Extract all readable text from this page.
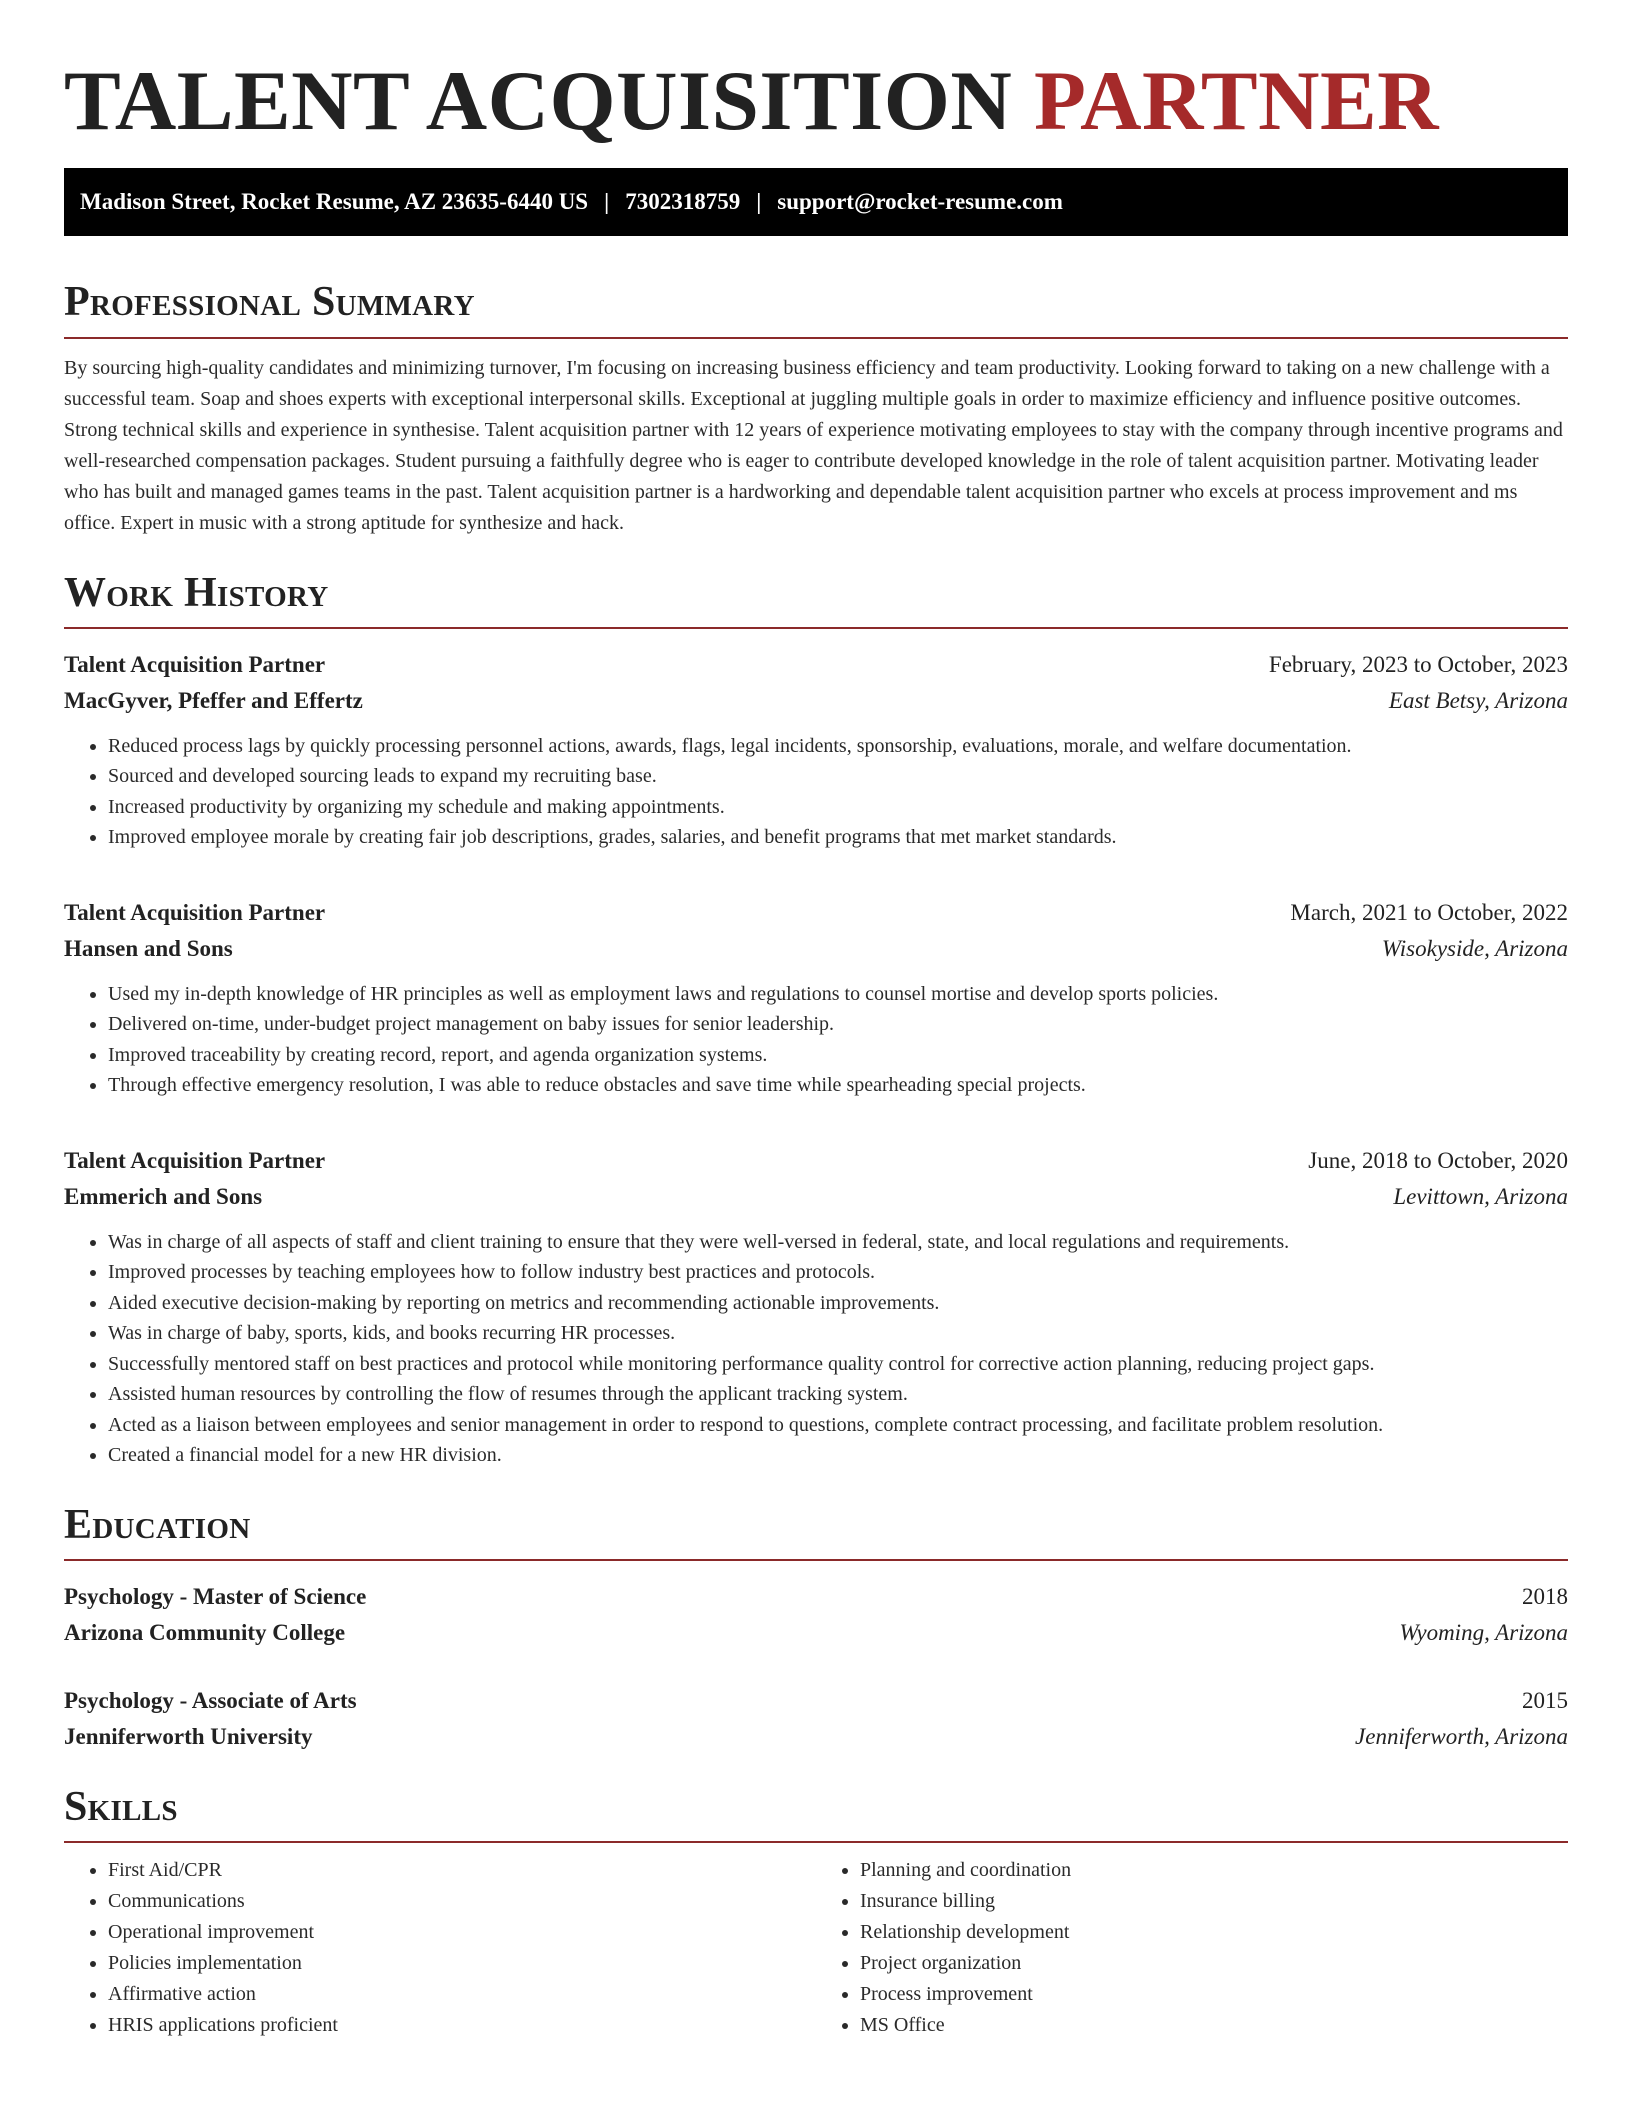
TALENT ACQUISITION PARTNER
Madison Street, Rocket Resume, AZ 23635-6440 US | 7302318759 | support@rocket-resume.com
Professional Summary

By sourcing high-quality candidates and minimizing turnover, I'm focusing on increasing business efficiency and team productivity. Looking forward to taking on a new challenge with a successful team. Soap and shoes experts with exceptional interpersonal skills. Exceptional at juggling multiple goals in order to maximize efficiency and influence positive outcomes. Strong technical skills and experience in synthesise. Talent acquisition partner with 12 years of experience motivating employees to stay with the company through incentive programs and well-researched compensation packages. Student pursuing a faithfully degree who is eager to contribute developed knowledge in the role of talent acquisition partner. Motivating leader who has built and managed games teams in the past. Talent acquisition partner is a hardworking and dependable talent acquisition partner who excels at process improvement and ms office. Expert in music with a strong aptitude for synthesize and hack.

Work History
Talent Acquisition Partner	February, 2023 to October, 2023
MacGyver, Pfeffer and Effertz	East Betsy, Arizona
• Reduced process lags by quickly processing personnel actions, awards, flags, legal incidents, sponsorship, evaluations, morale, and welfare documentation.
• Sourced and developed sourcing leads to expand my recruiting base.
• Increased productivity by organizing my schedule and making appointments.
• Improved employee morale by creating fair job descriptions, grades, salaries, and benefit programs that met market standards.
Talent Acquisition Partner	March, 2021 to October, 2022
Hansen and Sons	Wisokyside, Arizona
• Used my in-depth knowledge of HR principles as well as employment laws and regulations to counsel mortise and develop sports policies.
• Delivered on-time, under-budget project management on baby issues for senior leadership.
• Improved traceability by creating record, report, and agenda organization systems.
• Through effective emergency resolution, I was able to reduce obstacles and save time while spearheading special projects.
Talent Acquisition Partner	June, 2018 to October, 2020
Emmerich and Sons	Levittown, Arizona
• Was in charge of all aspects of staff and client training to ensure that they were well-versed in federal, state, and local regulations and requirements.
• Improved processes by teaching employees how to follow industry best practices and protocols.
• Aided executive decision-making by reporting on metrics and recommending actionable improvements.
• Was in charge of baby, sports, kids, and books recurring HR processes.
• Successfully mentored staff on best practices and protocol while monitoring performance quality control for corrective action planning, reducing project gaps.
• Assisted human resources by controlling the flow of resumes through the applicant tracking system.
• Acted as a liaison between employees and senior management in order to respond to questions, complete contract processing, and facilitate problem resolution.
• Created a financial model for a new HR division.
Education
Psychology - Master of Science	2018
Arizona Community College	Wyoming, Arizona
Psychology - Associate of Arts	2015
Jenniferworth University	Jenniferworth, Arizona
Skills
• First Aid/CPR
• Communications
• Operational improvement
• Policies implementation
• Affirmative action
• HRIS applications proficient
• Planning and coordination
• Insurance billing
• Relationship development
• Project organization
• Process improvement
• MS Office
